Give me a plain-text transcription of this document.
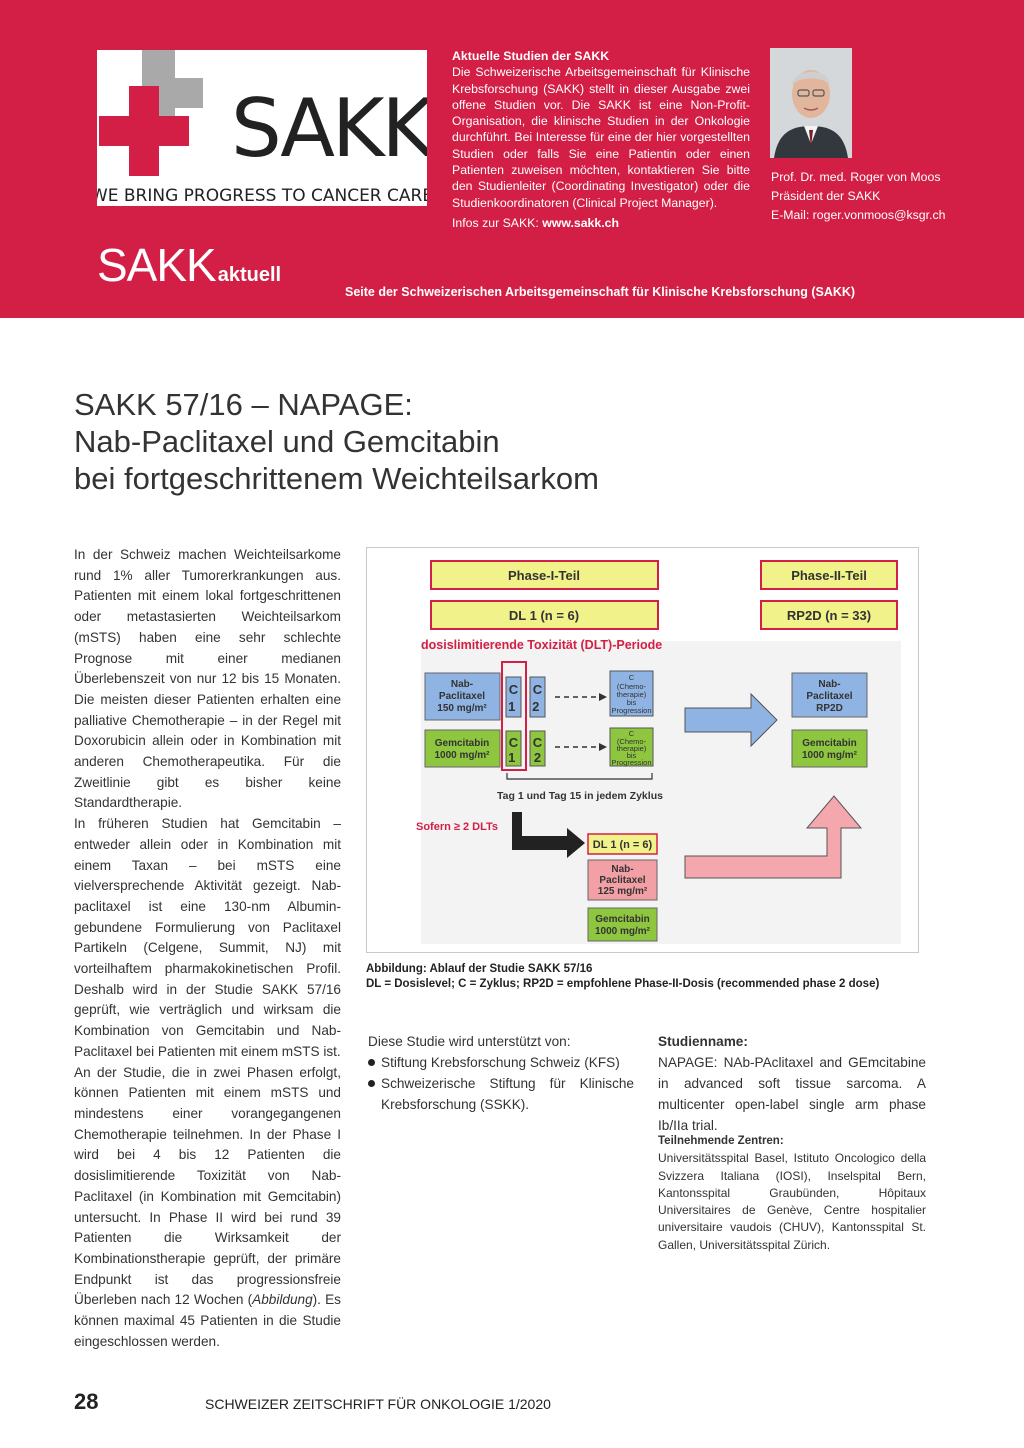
SAKK
WE BRING PROGRESS TO CANCER CARE
Aktuelle Studien der SAKK
Die Schweizerische Arbeitsgemeinschaft für Klinische Krebsforschung (SAKK) stellt in dieser Ausgabe zwei offene Studien vor. Die SAKK ist eine Non-Profit-Organisation, die klinische Studien in der Onkologie durchführt. Bei Interesse für eine der hier vorgestellten Studien oder falls Sie eine Patientin oder einen Patienten zuweisen möchten, kontaktieren Sie bitte den Studienleiter (Coordinating Investigator) oder die Studienkoordinatoren (Clinical Project Manager).
Infos zur SAKK: www.sakk.ch
Prof. Dr. med. Roger von Moos
Präsident der SAKK
E-Mail: roger.vonmoos@ksgr.ch
SAKK aktuell
Seite der Schweizerischen Arbeitsgemeinschaft für Klinische Krebsforschung (SAKK)
SAKK 57/16 – NAPAGE:
Nab-Paclitaxel und Gemcitabin
bei fortgeschrittenem Weichteilsarkom

In der Schweiz machen Weichteilsarkome rund 1% aller Tumorerkrankungen aus. Patienten mit einem lokal fortgeschrittenen oder metastasierten Weichteilsarkom (mSTS) haben eine sehr schlechte Prognose mit einer medianen Überlebenszeit von nur 12 bis 15 Monaten. Die meisten dieser Patienten erhalten eine palliative Chemotherapie – in der Regel mit Doxorubicin allein oder in Kombination mit anderen Chemotherapeutika. Für die Zweitlinie gibt es bisher keine Standardtherapie.

In früheren Studien hat Gemcitabin – entweder allein oder in Kombination mit einem Taxan – bei mSTS eine vielversprechende Aktivität gezeigt. Nab-paclitaxel ist eine 130-nm Albumin-gebundene Formulierung von Paclitaxel Partikeln (Celgene, Summit, NJ) mit vorteilhaftem pharmakokinetischen Profil. Deshalb wird in der Studie SAKK 57/16 geprüft, wie verträglich und wirksam die Kombination von Gemcitabin und Nab-Paclitaxel bei Patienten mit einem mSTS ist.

An der Studie, die in zwei Phasen erfolgt, können Patienten mit einem mSTS und mindestens einer vorangegangenen Chemotherapie teilnehmen. In der Phase I wird bei 4 bis 12 Patienten die dosislimitierende Toxizität von Nab-Paclitaxel (in Kombination mit Gemcitabin) untersucht. In Phase II wird bei rund 39 Patienten die Wirksamkeit der Kombinationstherapie geprüft, der primäre Endpunkt ist das progressionsfreie Überleben nach 12 Wochen (Abbildung). Es können maximal 45 Patienten in die Studie eingeschlossen werden.

Phase-I-Teil	Phase-II-Teil
DL 1 (n = 6)	RP2D (n = 33)
dosislimitierende Toxizität (DLT)-Periode
Nab-Paclitaxel 150 mg/m²
Gemcitabin 1000 mg/m²
C 1 C 2 C 1 C 2
C (Chemo-therapie) bis Progression
C (Chemo-therapie) bis Progression
Tag 1 und Tag 15 in jedem Zyklus
Nab-Paclitaxel RP2D
Gemcitabin 1000 mg/m²
Sofern ≥ 2 DLTs
DL 1 (n = 6)
Nab-Paclitaxel 125 mg/m²
Gemcitabin 1000 mg/m²
Abbildung: Ablauf der Studie SAKK 57/16
DL = Dosislevel; C = Zyklus; RP2D = empfohlene Phase-II-Dosis (recommended phase 2 dose)
Diese Studie wird unterstützt von:
Stiftung Krebsforschung Schweiz (KFS)
Schweizerische Stiftung für Klinische Krebsforschung (SSKK).
Studienname:
NAPAGE: NAb-PAclitaxel and GEmcitabine in advanced soft tissue sarcoma. A multicenter open-label single arm phase Ib/IIa trial.
Teilnehmende Zentren:
Universitätsspital Basel, Istituto Oncologico della Svizzera Italiana (IOSI), Inselspital Bern, Kantonsspital Graubünden, Hôpitaux Universitaires de Genève, Centre hospitalier universitaire vaudois (CHUV), Kantonsspital St. Gallen, Universitätsspital Zürich.
28	SCHWEIZER ZEITSCHRIFT FÜR ONKOLOGIE 1/2020
